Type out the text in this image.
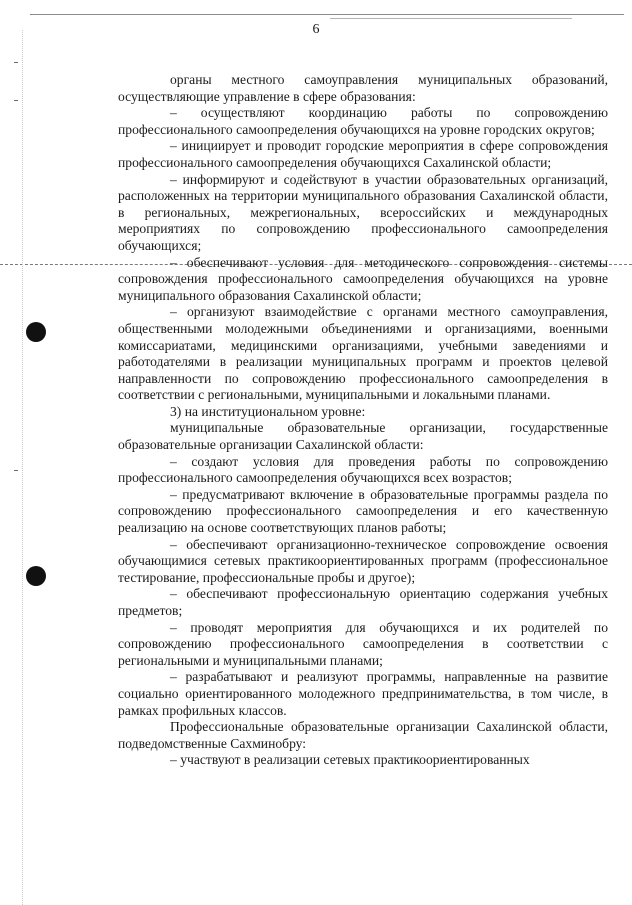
6

органы местного самоуправления муниципальных образований, осуществляющие управление в сфере образования:

– осуществляют координацию работы по сопровождению профессионального самоопределения обучающихся на уровне городских округов;

– инициирует и проводит городские мероприятия в сфере сопровождения профессионального самоопределения обучающихся Сахалинской области;

– информируют и содействуют в участии образовательных организаций, расположенных на территории муниципального образования Сахалинской области, в региональных, межрегиональных, всероссийских и международных мероприятиях по сопровождению профессионального самоопределения обучающихся;

– обеспечивают условия для методического сопровождения системы сопровождения профессионального самоопределения обучающихся на уровне муниципального образования Сахалинской области;

– организуют взаимодействие с органами местного самоуправления, общественными молодежными объединениями и организациями, военными комиссариатами, медицинскими организациями, учебными заведениями и работодателями в реализации муниципальных программ и проектов целевой направленности по сопровождению профессионального самоопределения в соответствии с региональными, муниципальными и локальными планами.

3) на институциональном уровне:

муниципальные образовательные организации, государственные образовательные организации Сахалинской области:

– создают условия для проведения работы по сопровождению профессионального самоопределения обучающихся всех возрастов;

– предусматривают включение в образовательные программы раздела по сопровождению профессионального самоопределения и его качественную реализацию на основе соответствующих планов работы;

– обеспечивают организационно-техническое сопровождение освоения обучающимися сетевых практикоориентированных программ (профессиональное тестирование, профессиональные пробы и другое);

– обеспечивают профессиональную ориентацию содержания учебных предметов;

– проводят мероприятия для обучающихся и их родителей по сопровождению профессионального самоопределения в соответствии с региональными и муниципальными планами;

– разрабатывают и реализуют программы, направленные на развитие социально ориентированного молодежного предпринимательства, в том числе, в рамках профильных классов.

Профессиональные образовательные организации Сахалинской области, подведомственные Сахминобру:

– участвуют в реализации сетевых практикоориентированных
